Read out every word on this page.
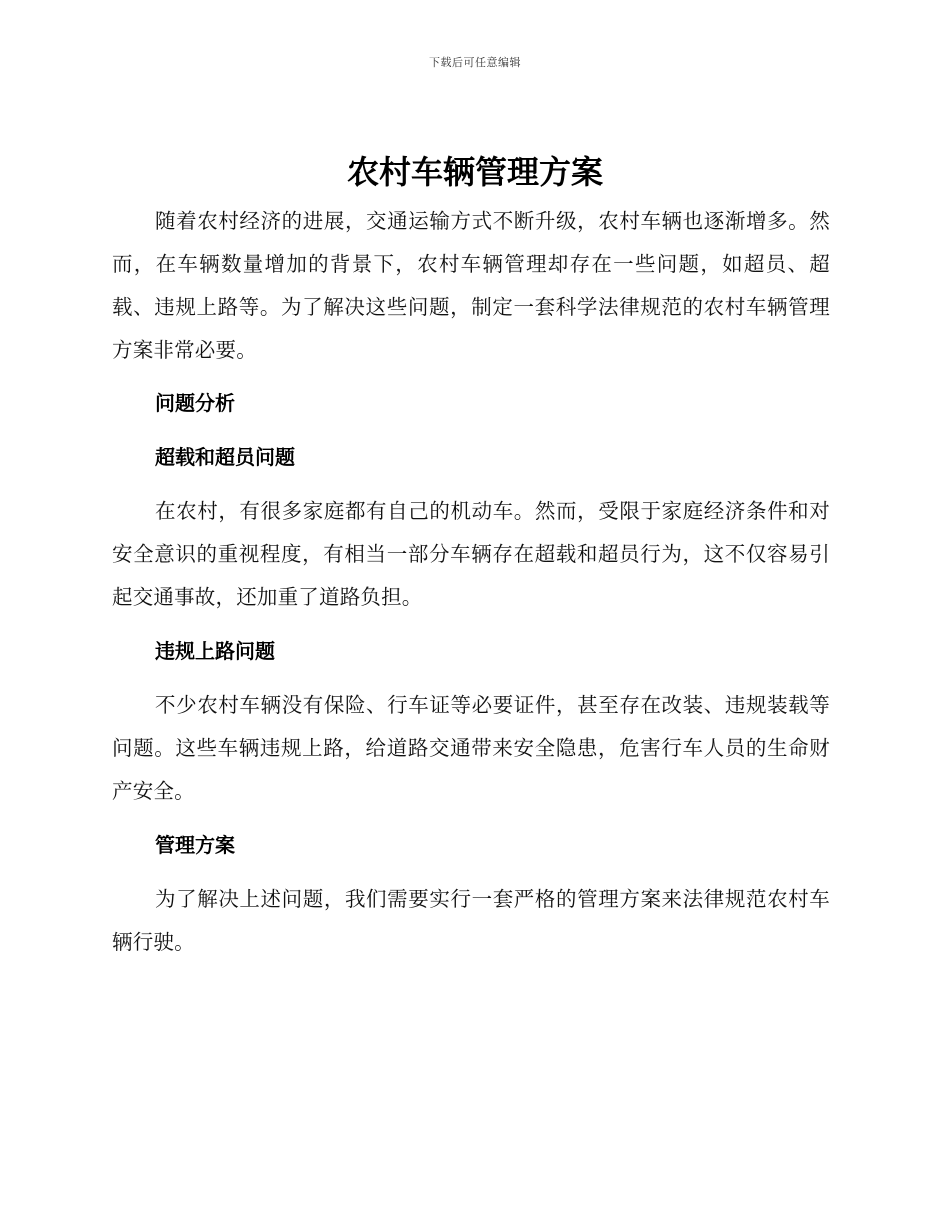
下载后可任意编辑
农村车辆管理方案

随着农村经济的进展，交通运输方式不断升级，农村车辆也逐渐增多。然而，在车辆数量增加的背景下，农村车辆管理却存在一些问题，如超员、超载、违规上路等。为了解决这些问题，制定一套科学法律规范的农村车辆管理方案非常必要。

问题分析

超载和超员问题

在农村，有很多家庭都有自己的机动车。然而，受限于家庭经济条件和对安全意识的重视程度，有相当一部分车辆存在超载和超员行为，这不仅容易引起交通事故，还加重了道路负担。

违规上路问题

不少农村车辆没有保险、行车证等必要证件，甚至存在改装、违规装载等问题。这些车辆违规上路，给道路交通带来安全隐患，危害行车人员的生命财产安全。

管理方案

为了解决上述问题，我们需要实行一套严格的管理方案来法律规范农村车辆行驶。
